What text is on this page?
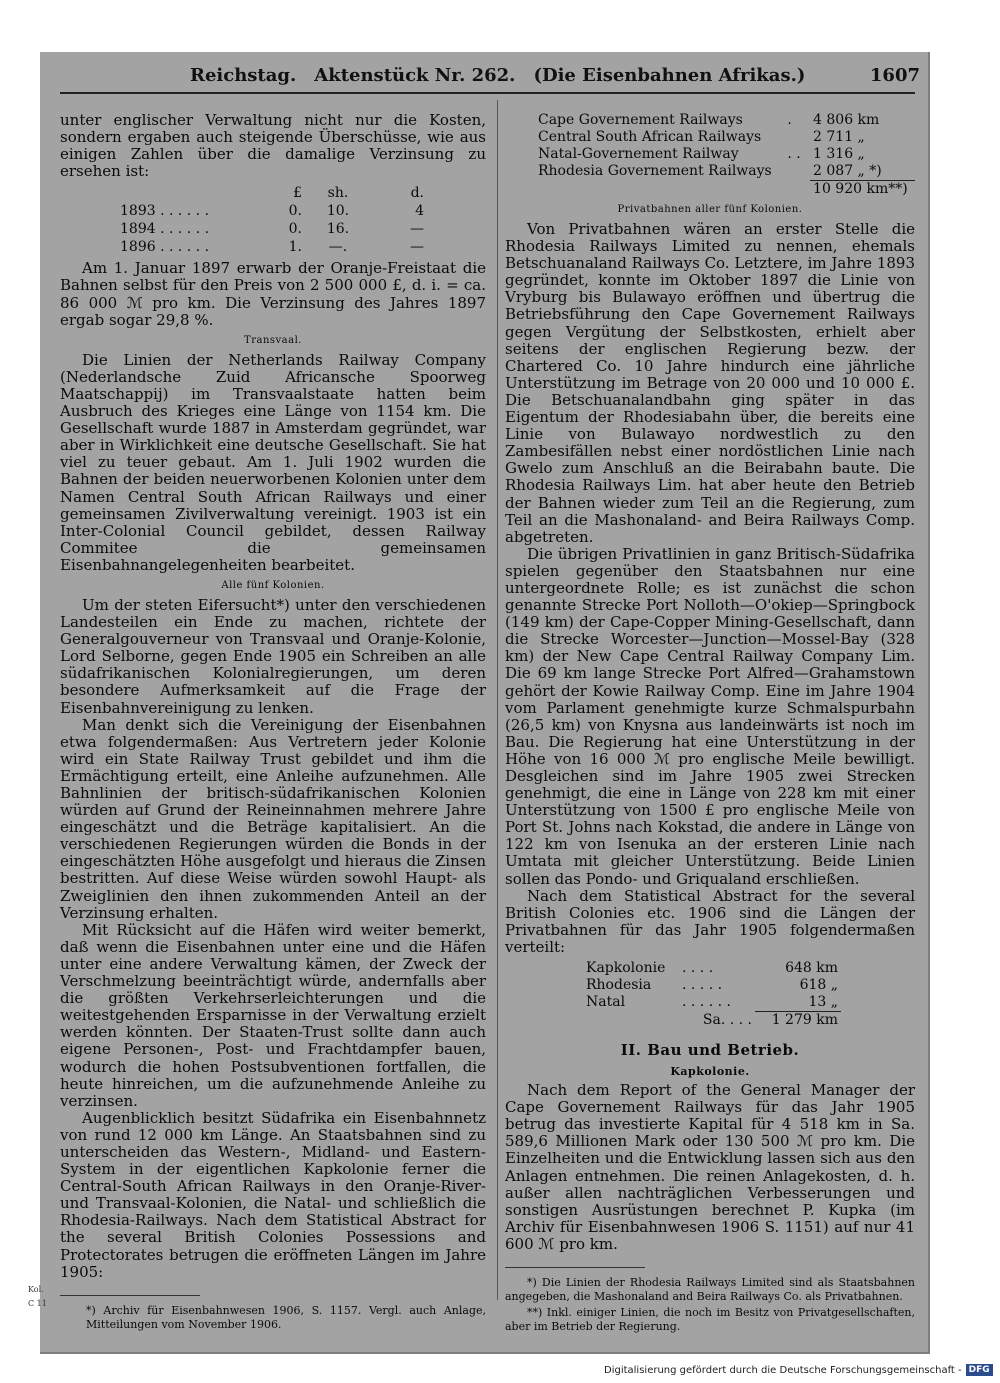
Reichstag. Aktenstück Nr. 262. (Die Eisenbahnen Afrikas.)	1607

unter englischer Verwaltung nicht nur die Kosten, sondern ergaben auch steigende Überschüsse, wie aus einigen Zahlen über die damalige Verzinsung zu ersehen ist:

	£	sh.	d.
1893 . . . . . .	0.	10.	4
1894 . . . . . .	0.	16.	—
1896 . . . . . .	1.	—.	—

Am 1. Januar 1897 erwarb der Oranje-Freistaat die Bahnen selbst für den Preis von 2 500 000 £, d. i. = ca. 86 000 ℳ pro km. Die Verzinsung des Jahres 1897 ergab sogar 29,8 %.

Transvaal.

Die Linien der Netherlands Railway Company (Nederlandsche Zuid Africansche Spoorweg Maatschappij) im Transvaalstaate hatten beim Ausbruch des Krieges eine Länge von 1154 km. Die Gesellschaft wurde 1887 in Amsterdam gegründet, war aber in Wirklichkeit eine deutsche Gesellschaft. Sie hat viel zu teuer gebaut. Am 1. Juli 1902 wurden die Bahnen der beiden neuerworbenen Kolonien unter dem Namen Central South African Railways und einer gemeinsamen Zivilverwaltung vereinigt. 1903 ist ein Inter-Colonial Council gebildet, dessen Railway Commitee die gemeinsamen Eisenbahnangelegenheiten bearbeitet.

Alle fünf Kolonien.

Um der steten Eifersucht*) unter den verschiedenen Landesteilen ein Ende zu machen, richtete der Generalgouverneur von Transvaal und Oranje-Kolonie, Lord Selborne, gegen Ende 1905 ein Schreiben an alle südafrikanischen Kolonialregierungen, um deren besondere Aufmerksamkeit auf die Frage der Eisenbahnvereinigung zu lenken.

Man denkt sich die Vereinigung der Eisenbahnen etwa folgendermaßen: Aus Vertretern jeder Kolonie wird ein State Railway Trust gebildet und ihm die Ermächtigung erteilt, eine Anleihe aufzunehmen. Alle Bahnlinien der britisch-südafrikanischen Kolonien würden auf Grund der Reineinnahmen mehrere Jahre eingeschätzt und die Beträge kapitalisiert. An die verschiedenen Regierungen würden die Bonds in der eingeschätzten Höhe ausgefolgt und hieraus die Zinsen bestritten. Auf diese Weise würden sowohl Haupt- als Zweiglinien den ihnen zukommenden Anteil an der Verzinsung erhalten.

Mit Rücksicht auf die Häfen wird weiter bemerkt, daß wenn die Eisenbahnen unter eine und die Häfen unter eine andere Verwaltung kämen, der Zweck der Verschmelzung beeinträchtigt würde, andernfalls aber die größten Verkehrserleichterungen und die weitestgehenden Ersparnisse in der Verwaltung erzielt werden könnten. Der Staaten-Trust sollte dann auch eigene Personen-, Post- und Frachtdampfer bauen, wodurch die hohen Postsubventionen fortfallen, die heute hinreichen, um die aufzunehmende Anleihe zu verzinsen.

Augenblicklich besitzt Südafrika ein Eisenbahnnetz von rund 12 000 km Länge. An Staatsbahnen sind zu unterscheiden das Western-, Midland- und Eastern-System in der eigentlichen Kapkolonie ferner die Central-South African Railways in den Oranje-River- und Transvaal-Kolonien, die Natal- und schließlich die Rhodesia-Railways. Nach dem Statistical Abstract for the several British Colonies Possessions and Protectorates betrugen die eröffneten Längen im Jahre 1905:

*) Archiv für Eisenbahnwesen 1906, S. 1157. Vergl. auch Anlage, Mitteilungen vom November 1906.

Kol.
C 11
Cape Governement Railways	.	4 806 km
Central South African Railways		2 711 „
Natal-Governement Railway	. .	1 316 „
Rhodesia Governement Railways		2 087 „ *)
		10 920 km**)
Privatbahnen aller fünf Kolonien.

Von Privatbahnen wären an erster Stelle die Rhodesia Railways Limited zu nennen, ehemals Betschuanaland Railways Co. Letztere, im Jahre 1893 gegründet, konnte im Oktober 1897 die Linie von Vryburg bis Bulawayo eröffnen und übertrug die Betriebsführung den Cape Governement Railways gegen Vergütung der Selbstkosten, erhielt aber seitens der englischen Regierung bezw. der Chartered Co. 10 Jahre hindurch eine jährliche Unterstützung im Betrage von 20 000 und 10 000 £. Die Betschuanalandbahn ging später in das Eigentum der Rhodesiabahn über, die bereits eine Linie von Bulawayo nordwestlich zu den Zambesifällen nebst einer nordöstlichen Linie nach Gwelo zum Anschluß an die Beirabahn baute. Die Rhodesia Railways Lim. hat aber heute den Betrieb der Bahnen wieder zum Teil an die Regierung, zum Teil an die Mashonaland- and Beira Railways Comp. abgetreten.

Die übrigen Privatlinien in ganz Britisch-Südafrika spielen gegenüber den Staatsbahnen nur eine untergeordnete Rolle; es ist zunächst die schon genannte Strecke Port Nolloth—O'okiep—Springbock (149 km) der Cape-Copper Mining-Gesellschaft, dann die Strecke Worcester—Junction—Mossel-Bay (328 km) der New Cape Central Railway Company Lim. Die 69 km lange Strecke Port Alfred—Grahamstown gehört der Kowie Railway Comp. Eine im Jahre 1904 vom Parlament genehmigte kurze Schmalspurbahn (26,5 km) von Knysna aus landeinwärts ist noch im Bau. Die Regierung hat eine Unterstützung in der Höhe von 16 000 ℳ pro englische Meile bewilligt. Desgleichen sind im Jahre 1905 zwei Strecken genehmigt, die eine in Länge von 228 km mit einer Unterstützung von 1500 £ pro englische Meile von Port St. Johns nach Kokstad, die andere in Länge von 122 km von Isenuka an der ersteren Linie nach Umtata mit gleicher Unterstützung. Beide Linien sollen das Pondo- und Griqualand erschließen.

Nach dem Statistical Abstract for the several British Colonies etc. 1906 sind die Längen der Privatbahnen für das Jahr 1905 folgendermaßen verteilt:

Kapkolonie	. . . .	648 km
Rhodesia	. . . . .	618 „
Natal	. . . . . .	13 „
	Sa. . . .	1 279 km
II. Bau und Betrieb.
Kapkolonie.

Nach dem Report of the General Manager der Cape Governement Railways für das Jahr 1905 betrug das investierte Kapital für 4 518 km in Sa. 589,6 Millionen Mark oder 130 500 ℳ pro km. Die Einzelheiten und die Entwicklung lassen sich aus den Anlagen entnehmen. Die reinen Anlagekosten, d. h. außer allen nachträglichen Verbesserungen und sonstigen Ausrüstungen berechnet P. Kupka (im Archiv für Eisenbahnwesen 1906 S. 1151) auf nur 41 600 ℳ pro km.

*) Die Linien der Rhodesia Railways Limited sind als Staatsbahnen angegeben, die Mashonaland and Beira Railways Co. als Privatbahnen.

**) Inkl. einiger Linien, die noch im Besitz von Privatgesellschaften, aber im Betrieb der Regierung.

Digitalisierung gefördert durch die Deutsche Forschungsgemeinschaft - DFG
